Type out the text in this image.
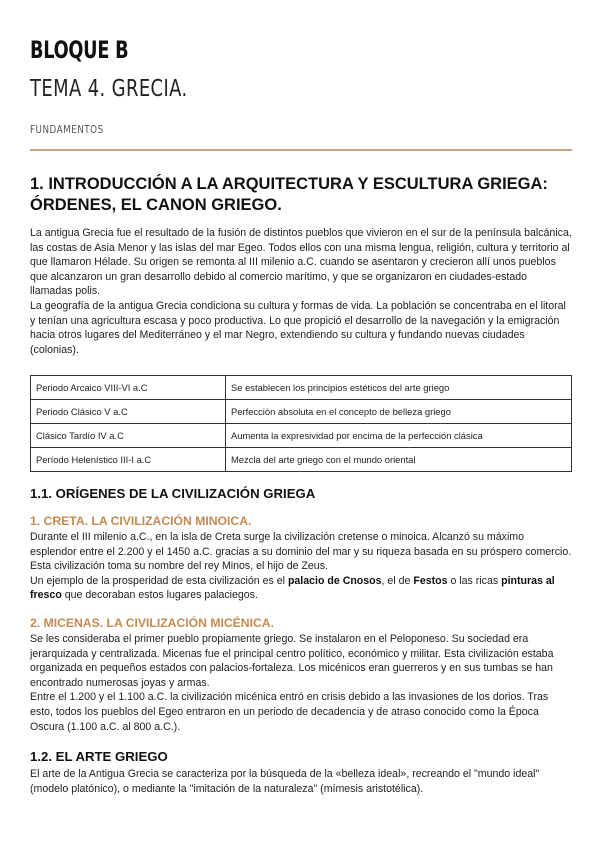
BLOQUE B
TEMA 4. GRECIA.
FUNDAMENTOS
1. INTRODUCCIÓN A LA ARQUITECTURA Y ESCULTURA GRIEGA:
ÓRDENES, EL CANON GRIEGO.

La antigua Grecia fue el resultado de la fusión de distintos pueblos que vivieron en el sur de la península balcánica, las costas de Asia Menor y las islas del mar Egeo. Todos ellos con una misma lengua, religión, cultura y territorio al que llamaron Hélade. Su origen se remonta al III milenio a.C. cuando se asentaron y crecieron allí unos pueblos que alcanzaron un gran desarrollo debido al comercio marítimo, y que se organizaron en ciudades-estado llamadas polis.

La geografía de la antigua Grecia condiciona su cultura y formas de vida. La población se concentraba en el litoral y tenían una agricultura escasa y poco productiva. Lo que propició el desarrollo de la navegación y la emigración hacia otros lugares del Mediterráneo y el mar Negro, extendiendo su cultura y fundando nuevas ciudades (colonias).

Periodo Arcaico VIII-VI a.C	Se establecen los principios estéticos del arte griego
Periodo Clásico V a.C	Perfección absoluta en el concepto de belleza griego
Clásico Tardío IV a.C	Aumenta la expresividad por encima de la perfección clásica
Período Helenístico III-I a.C	Mezcla del arte griego con el mundo oriental
1.1. ORÍGENES DE LA CIVILIZACIÓN GRIEGA
1. CRETA. LA CIVILIZACIÓN MINOICA.

Durante el III milenio a.C., en la isla de Creta surge la civilización cretense o minoica. Alcanzó su máximo esplendor entre el 2.200 y el 1450 a.C. gracias a su dominio del mar y su riqueza basada en su próspero comercio. Esta civilización toma su nombre del rey Minos, el hijo de Zeus.

Un ejemplo de la prosperidad de esta civilización es el palacio de Cnosos, el de Festos o las ricas pinturas al fresco que decoraban estos lugares palaciegos.

2. MICENAS. LA CIVILIZACIÓN MICÉNICA.

Se les consideraba el primer pueblo propiamente griego. Se instalaron en el Peloponeso. Su sociedad era jerarquizada y centralizada. Micenas fue el principal centro político, económico y militar. Esta civilización estaba organizada en pequeños estados con palacios-fortaleza. Los micénicos eran guerreros y en sus tumbas se han encontrado numerosas joyas y armas.

Entre el 1.200 y el 1.100 a.C. la civilización micénica entró en crisis debido a las invasiones de los dorios. Tras esto, todos los pueblos del Egeo entraron en un periodo de decadencia y de atraso conocido como la Época Oscura (1.100 a.C. al 800 a.C.).

1.2. EL ARTE GRIEGO

El arte de la Antigua Grecia se caracteriza por la búsqueda de la «belleza ideal», recreando el "mundo ideal" (modelo platónico), o mediante la "imitación de la naturaleza" (mímesis aristotélica).
